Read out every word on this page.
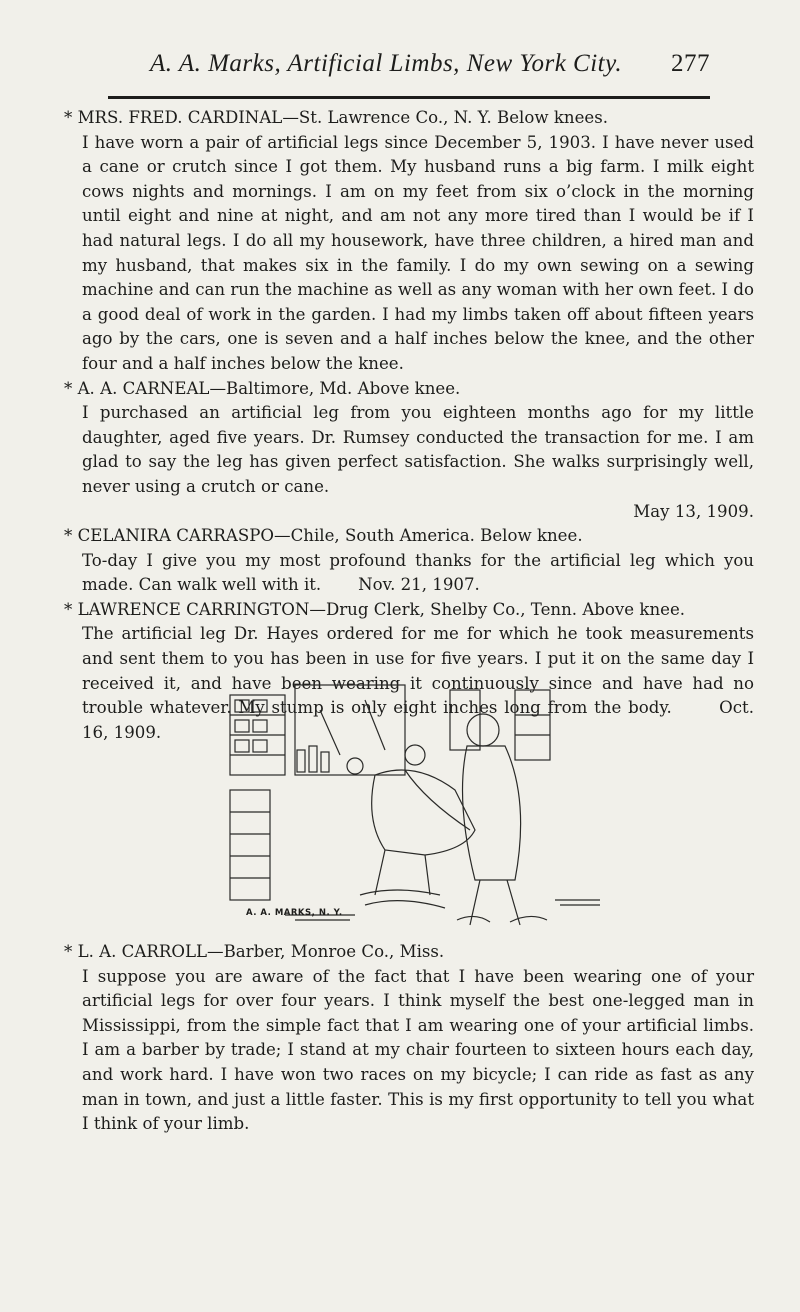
A. A. Marks, Artificial Limbs, New York City. 277

* MRS. FRED. CARDINAL—St. Lawrence Co., N. Y. Below knees.

I have worn a pair of artificial legs since December 5, 1903. I have never used a cane or crutch since I got them. My husband runs a big farm. I milk eight cows nights and mornings. I am on my feet from six o’clock in the morning until eight and nine at night, and am not any more tired than I would be if I had natural legs. I do all my housework, have three children, a hired man and my husband, that makes six in the family. I do my own sewing on a sewing machine and can run the machine as well as any woman with her own feet. I do a good deal of work in the garden. I had my limbs taken off about fifteen years ago by the cars, one is seven and a half inches below the knee, and the other four and a half inches below the knee.

* A. A. CARNEAL—Baltimore, Md. Above knee.

I purchased an artificial leg from you eighteen months ago for my little daughter, aged five years. Dr. Rumsey conducted the transaction for me. I am glad to say the leg has given perfect satisfaction. She walks surprisingly well, never using a crutch or cane.

May 13, 1909.

* CELANIRA CARRASPO—Chile, South America. Below knee.

To-day I give you my most profound thanks for the artificial leg which you made. Can walk well with it. Nov. 21, 1907.

* LAWRENCE CARRINGTON—Drug Clerk, Shelby Co., Tenn. Above knee.

The artificial leg Dr. Hayes ordered for me for which he took measurements and sent them to you has been in use for five years. I put it on the same day I received it, and have been wearing it continuously since and have had no trouble whatever. My stump is only eight inches long from the body.	Oct. 16, 1909.

A. A. MARKS, N. Y.

* L. A. CARROLL—Barber, Monroe Co., Miss.

I suppose you are aware of the fact that I have been wearing one of your artificial legs for over four years. I think myself the best one-legged man in Mississippi, from the simple fact that I am wearing one of your artificial limbs. I am a barber by trade; I stand at my chair fourteen to sixteen hours each day, and work hard. I have won two races on my bicycle; I can ride as fast as any man in town, and just a little faster. This is my first opportunity to tell you what I think of your limb.
